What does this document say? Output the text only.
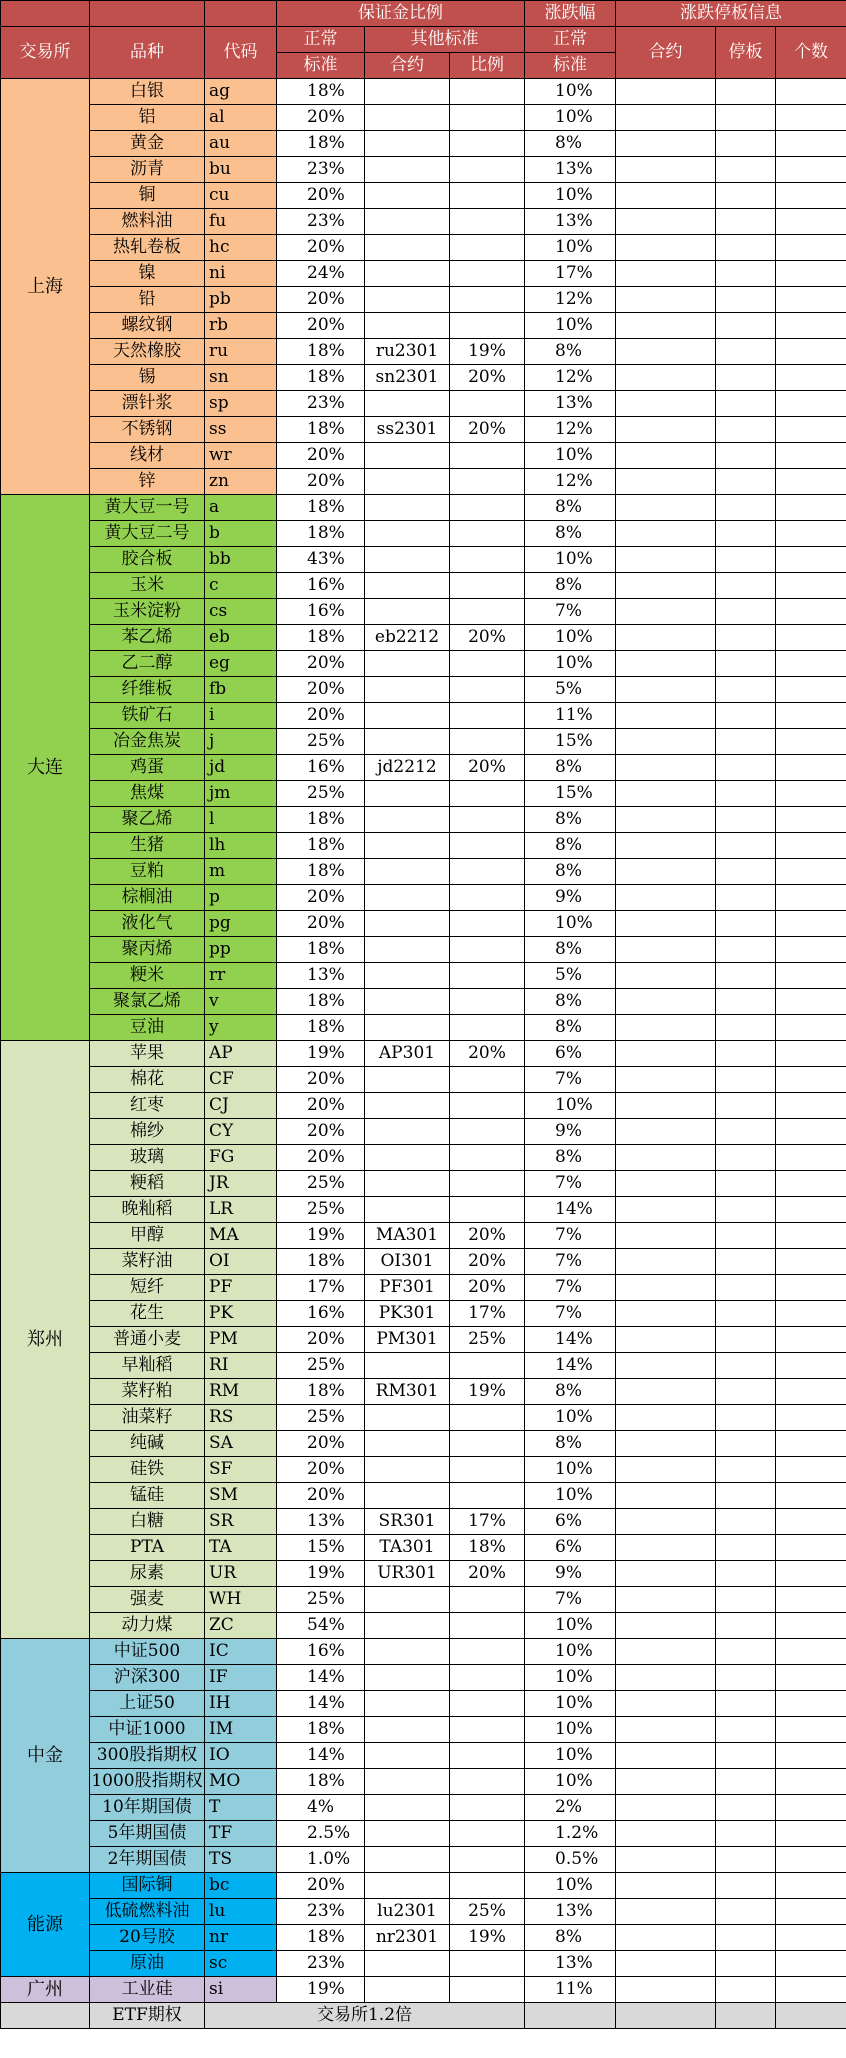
			保证金比例			涨跌幅	涨跌停板信息		
交易所	品种	代码	正常	其他标准		正常	合约	停板	个数
			标准	合约	比例	标准			
上海	白银	ag	18%			10%			
	铝	al	20%			10%			
	黄金	au	18%			8%			
	沥青	bu	23%			13%			
	铜	cu	20%			10%			
	燃料油	fu	23%			13%			
	热轧卷板	hc	20%			10%			
	镍	ni	24%			17%			
	铅	pb	20%			12%			
	螺纹钢	rb	20%			10%			
	天然橡胶	ru	18%	ru2301	19%	8%			
	锡	sn	18%	sn2301	20%	12%			
	漂针浆	sp	23%			13%			
	不锈钢	ss	18%	ss2301	20%	12%			
	线材	wr	20%			10%			
	锌	zn	20%			12%			
大连	黄大豆一号	a	18%			8%			
	黄大豆二号	b	18%			8%			
	胶合板	bb	43%			10%			
	玉米	c	16%			8%			
	玉米淀粉	cs	16%			7%			
	苯乙烯	eb	18%	eb2212	20%	10%			
	乙二醇	eg	20%			10%			
	纤维板	fb	20%			5%			
	铁矿石	i	20%			11%			
	冶金焦炭	j	25%			15%			
	鸡蛋	jd	16%	jd2212	20%	8%			
	焦煤	jm	25%			15%			
	聚乙烯	l	18%			8%			
	生猪	lh	18%			8%			
	豆粕	m	18%			8%			
	棕榈油	p	20%			9%			
	液化气	pg	20%			10%			
	聚丙烯	pp	18%			8%			
	粳米	rr	13%			5%			
	聚氯乙烯	v	18%			8%			
	豆油	y	18%			8%			
郑州	苹果	AP	19%	AP301	20%	6%			
	棉花	CF	20%			7%			
	红枣	CJ	20%			10%			
	棉纱	CY	20%			9%			
	玻璃	FG	20%			8%			
	粳稻	JR	25%			7%			
	晚籼稻	LR	25%			14%			
	甲醇	MA	19%	MA301	20%	7%			
	菜籽油	OI	18%	OI301	20%	7%			
	短纤	PF	17%	PF301	20%	7%			
	花生	PK	16%	PK301	17%	7%			
	普通小麦	PM	20%	PM301	25%	14%			
	早籼稻	RI	25%			14%			
	菜籽粕	RM	18%	RM301	19%	8%			
	油菜籽	RS	25%			10%			
	纯碱	SA	20%			8%			
	硅铁	SF	20%			10%			
	锰硅	SM	20%			10%			
	白糖	SR	13%	SR301	17%	6%			
	PTA	TA	15%	TA301	18%	6%			
	尿素	UR	19%	UR301	20%	9%			
	强麦	WH	25%			7%			
	动力煤	ZC	54%			10%			
中金	中证500	IC	16%			10%			
	沪深300	IF	14%			10%			
	上证50	IH	14%			10%			
	中证1000	IM	18%			10%			
	300股指期权	IO	14%			10%			
	1000股指期权	MO	18%			10%			
	10年期国债	T	4%			2%			
	5年期国债	TF	2.5%			1.2%			
	2年期国债	TS	1.0%			0.5%			
能源	国际铜	bc	20%			10%			
	低硫燃料油	lu	23%	lu2301	25%	13%			
	20号胶	nr	18%	nr2301	19%	8%			
	原油	sc	23%			13%			
广州	工业硅	si	19%			11%			
	ETF期权	交易所1.2倍							
